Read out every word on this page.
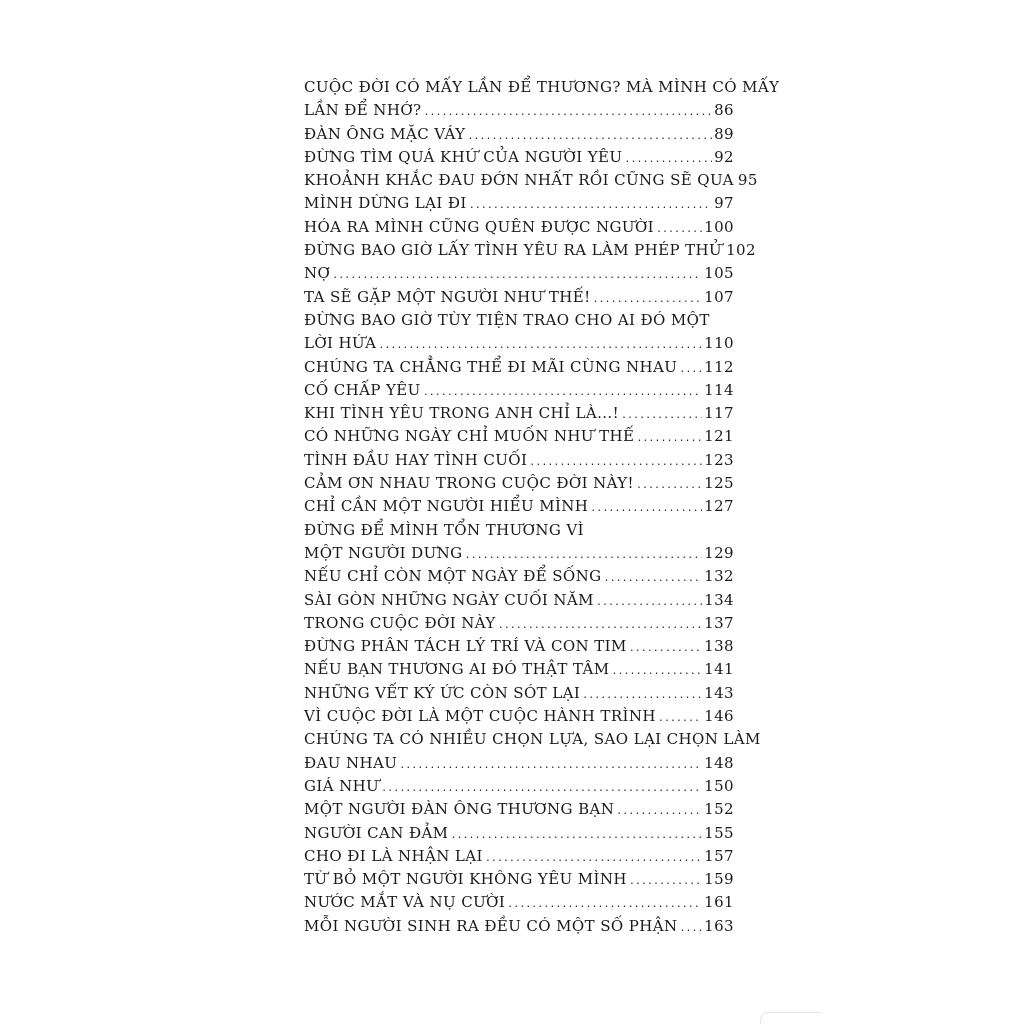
CUỘC ĐỜI CÓ MẤY LẦN ĐỂ THƯƠNG? MÀ MÌNH CÓ MẤY
LẦN ĐỂ NHỚ? .....	86
ĐÀN ÔNG MẶC VÁY .....	89
ĐỪNG TÌM QUÁ KHỨ CỦA NGƯỜI YÊU .....	92
KHOẢNH KHẮC ĐAU ĐỚN NHẤT RỒI CŨNG SẼ QUA 95
MÌNH DỪNG LẠI ĐI .....	97
HÓA RA MÌNH CŨNG QUÊN ĐƯỢC NGƯỜI .....	100
ĐỪNG BAO GIỜ LẤY TÌNH YÊU RA LÀM PHÉP THỬ 102
NỢ .....	105
TA SẼ GẶP MỘT NGƯỜI NHƯ THẾ! .....	107
ĐỪNG BAO GIỜ TÙY TIỆN TRAO CHO AI ĐÓ MỘT
LỜI HỨA .....	110
CHÚNG TA CHẲNG THỂ ĐI MÃI CÙNG NHAU ..... 112
CỐ CHẤP YÊU .....	114
KHI TÌNH YÊU TRONG ANH CHỈ LÀ...! .....	117
CÓ NHỮNG NGÀY CHỈ MUỐN NHƯ THẾ .....	121
TÌNH ĐẦU HAY TÌNH CUỐI .....	123
CẢM ƠN NHAU TRONG CUỘC ĐỜI NÀY! .....	125
CHỈ CẦN MỘT NGƯỜI HIỂU MÌNH .....	127
ĐỪNG ĐỂ MÌNH TỔN THƯƠNG VÌ
MỘT NGƯỜI DƯNG .....	129
NẾU CHỈ CÒN MỘT NGÀY ĐỂ SỐNG .....	132
SÀI GÒN NHỮNG NGÀY CUỐI NĂM .....	134
TRONG CUỘC ĐỜI NÀY .....	137
ĐỪNG PHÂN TÁCH LÝ TRÍ VÀ CON TIM .....	138
NẾU BẠN THƯƠNG AI ĐÓ THẬT TÂM .....	141
NHỮNG VẾT KÝ ỨC CÒN SÓT LẠI .....	143
VÌ CUỘC ĐỜI LÀ MỘT CUỘC HÀNH TRÌNH .....	146
CHÚNG TA CÓ NHIỀU CHỌN LỰA, SAO LẠI CHỌN LÀM
ĐAU NHAU .....	148
GIÁ NHƯ .....	150
MỘT NGƯỜI ĐÀN ÔNG THƯƠNG BẠN .....	152
NGƯỜI CAN ĐẢM .....	155
CHO ĐI LÀ NHẬN LẠI .....	157
TỪ BỎ MỘT NGƯỜI KHÔNG YÊU MÌNH .....	159
NƯỚC MẮT VÀ NỤ CƯỜI .....	161
MỖI NGƯỜI SINH RA ĐỀU CÓ MỘT SỐ PHẬN ..... 163
